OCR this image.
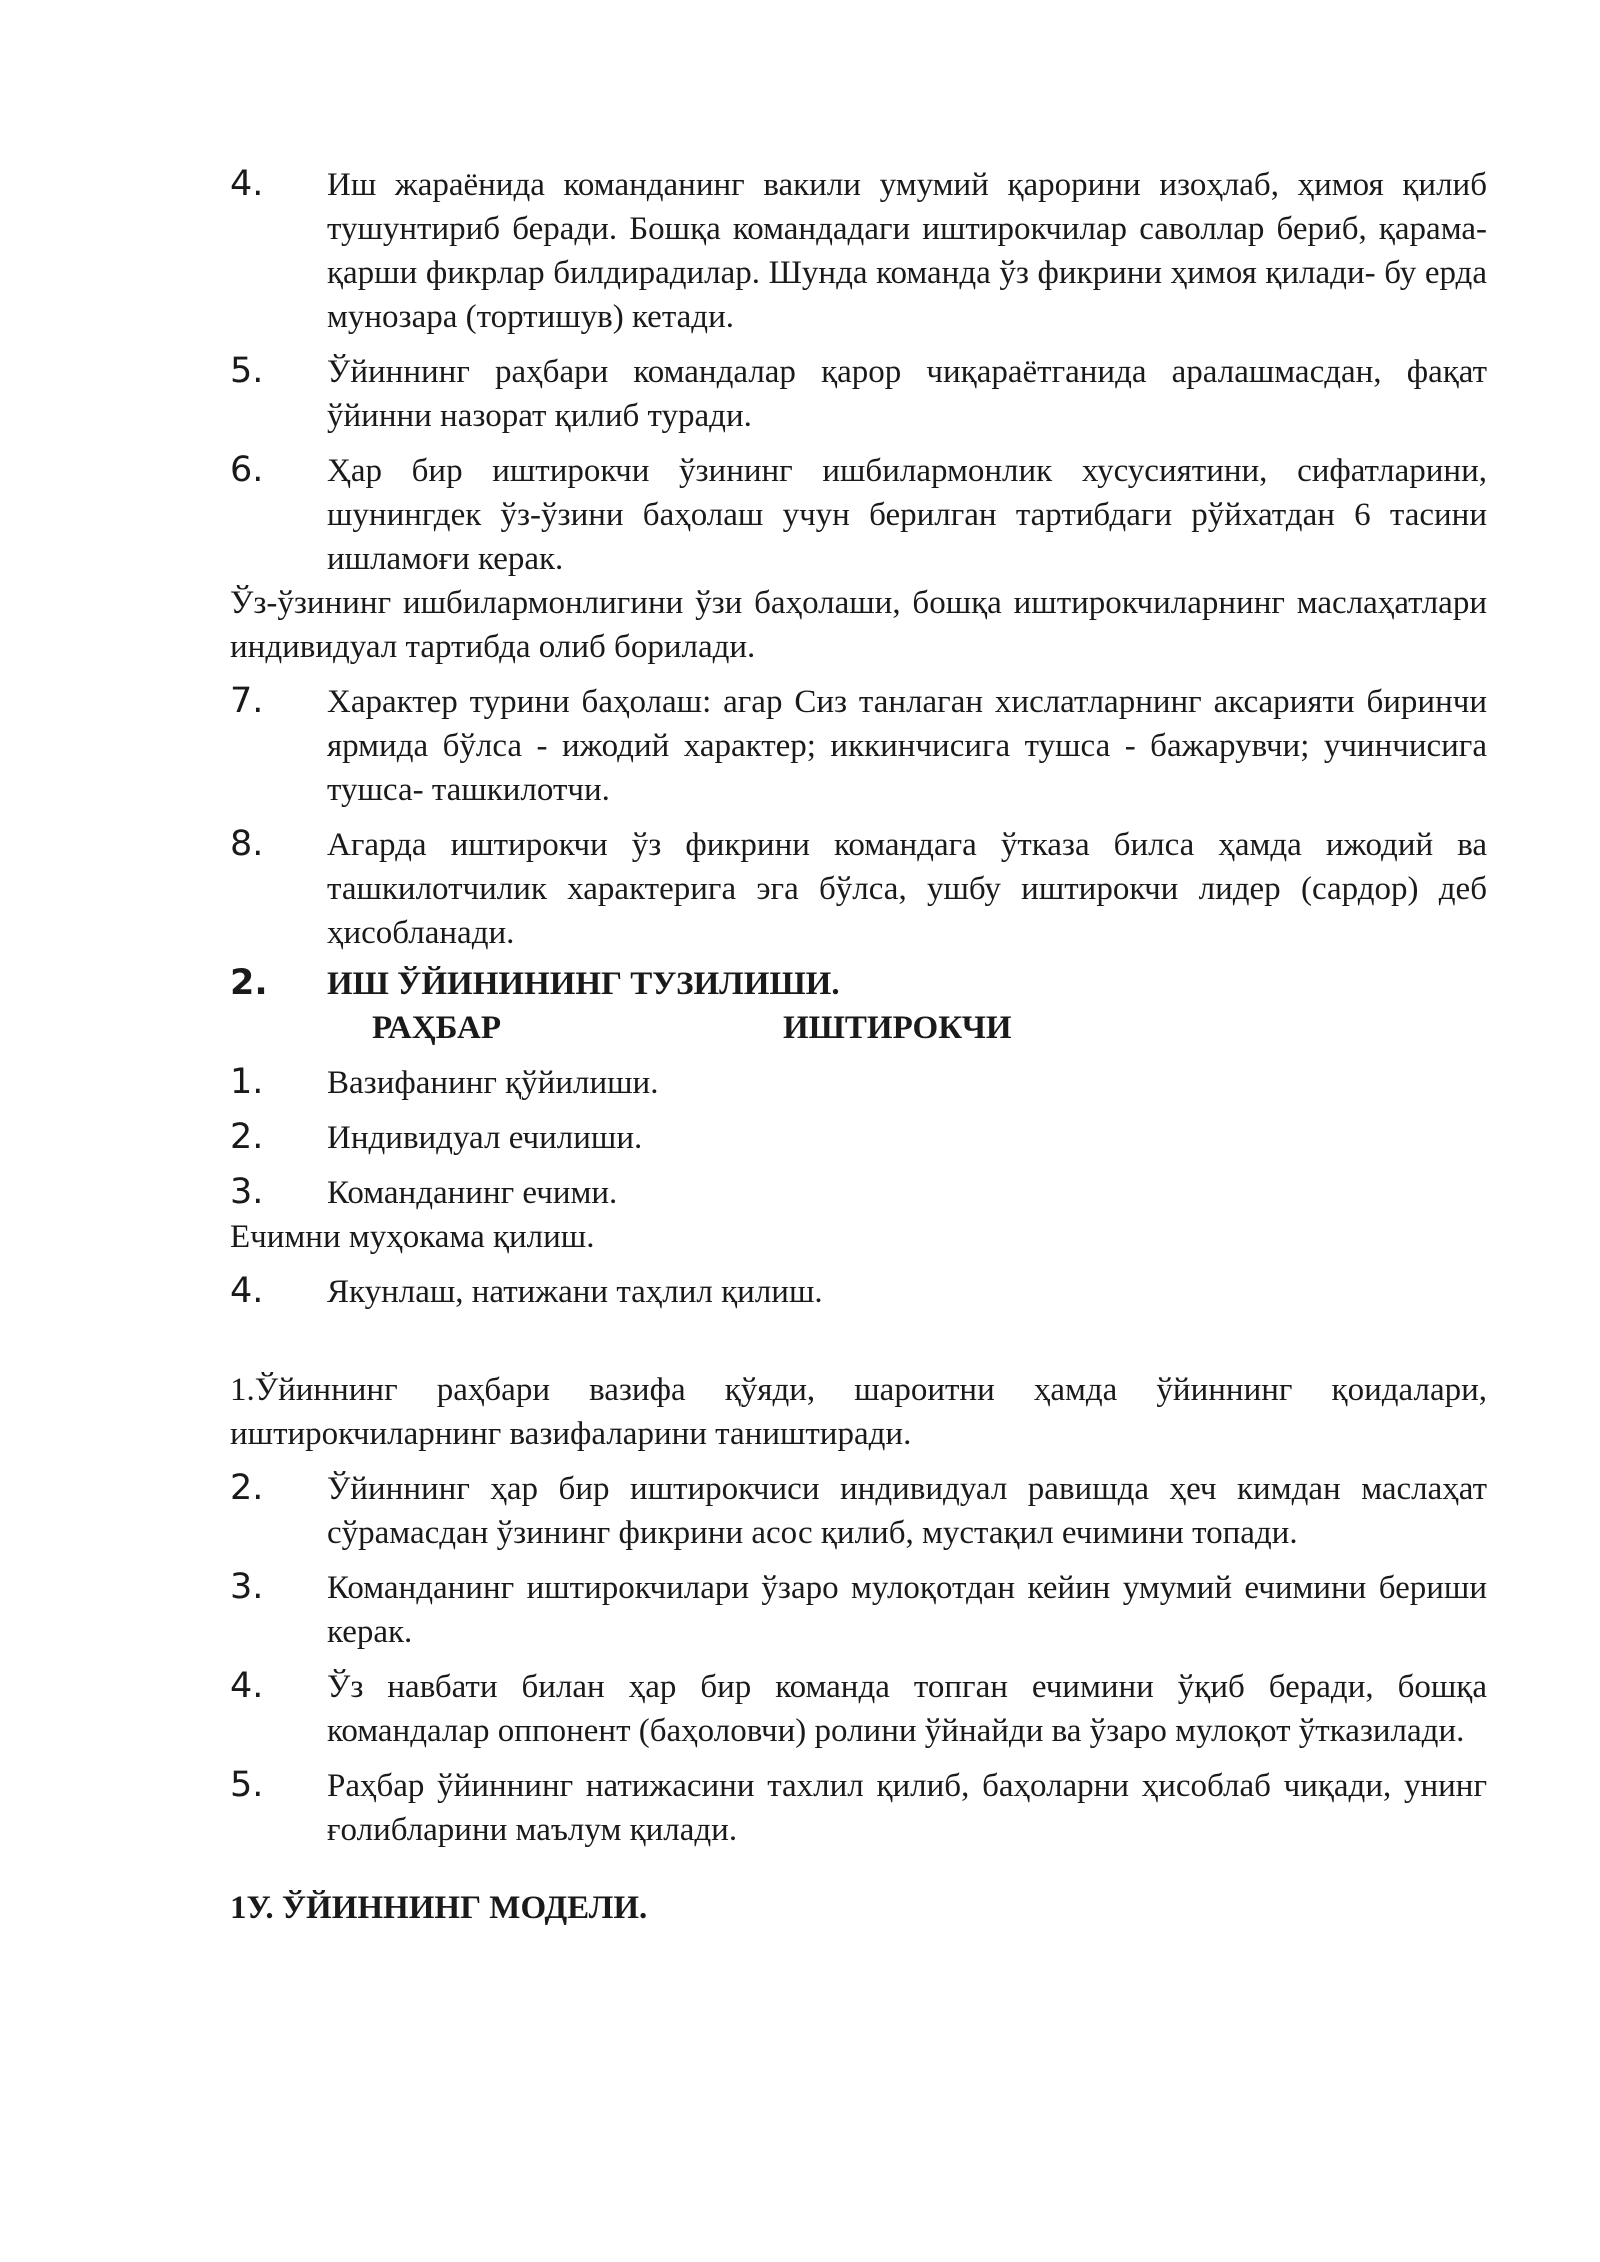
4.	Иш жараёнида команданинг вакили умумий қарорини изоҳлаб, ҳимоя қилиб тушунтириб беради. Бошқа командадаги иштирокчилар саволлар бериб, қарама-қарши фикрлар билдирадилар. Шунда команда ўз фикрини ҳимоя қилади- бу ерда мунозара (тортишув) кетади.
5.	Ўйиннинг раҳбари командалар қарор чиқараётганида аралашмасдан, фақат ўйинни назорат қилиб туради.
6.	Ҳар бир иштирокчи ўзининг ишбилармонлик хусусиятини, сифатларини, шунингдек ўз-ўзини баҳолаш учун берилган тартибдаги рўйхатдан 6 тасини ишламоғи керак.
Ўз-ўзининг ишбилармонлигини ўзи баҳолаши, бошқа иштирокчиларнинг маслаҳатлари индивидуал тартибда олиб борилади.
7.	Характер турини баҳолаш: агар Сиз танлаган хислатларнинг аксарияти биринчи ярмида бўлса - ижодий характер; иккинчисига тушса - бажарувчи; учинчисига тушса- ташкилотчи.
8.	Агарда иштирокчи ўз фикрини командага ўтказа билса ҳамда ижодий ва ташкилотчилик характерига эга бўлса, ушбу иштирокчи лидер (сардор) деб ҳисобланади.
2.	ИШ ЎЙИНИНИНГ ТУЗИЛИШИ.
РАҲБАР	ИШТИРОКЧИ
1.	Вазифанинг қўйилиши.
2.	Индивидуал ечилиши.
3.	Команданинг ечими.
Ечимни муҳокама қилиш.
4.	Якунлаш, натижани таҳлил қилиш.
1.Ўйиннинг раҳбари вазифа қўяди, шароитни ҳамда ўйиннинг қоидалари, иштирокчиларнинг вазифаларини таништиради.
2.	Ўйиннинг ҳар бир иштирокчиси индивидуал равишда ҳеч кимдан маслаҳат сўрамасдан ўзининг фикрини асос қилиб, мустақил ечимини топади.
3.	Команданинг иштирокчилари ўзаро мулоқотдан кейин умумий ечимини бериши керак.
4.	Ўз навбати билан ҳар бир команда топган ечимини ўқиб беради, бошқа командалар оппонент (баҳоловчи) ролини ўйнайди ва ўзаро мулоқот ўтказилади.
5.	Раҳбар ўйиннинг натижасини тахлил қилиб, баҳоларни ҳисоблаб чиқади, унинг ғолибларини маълум қилади.
1У. ЎЙИННИНГ МОДЕЛИ.
